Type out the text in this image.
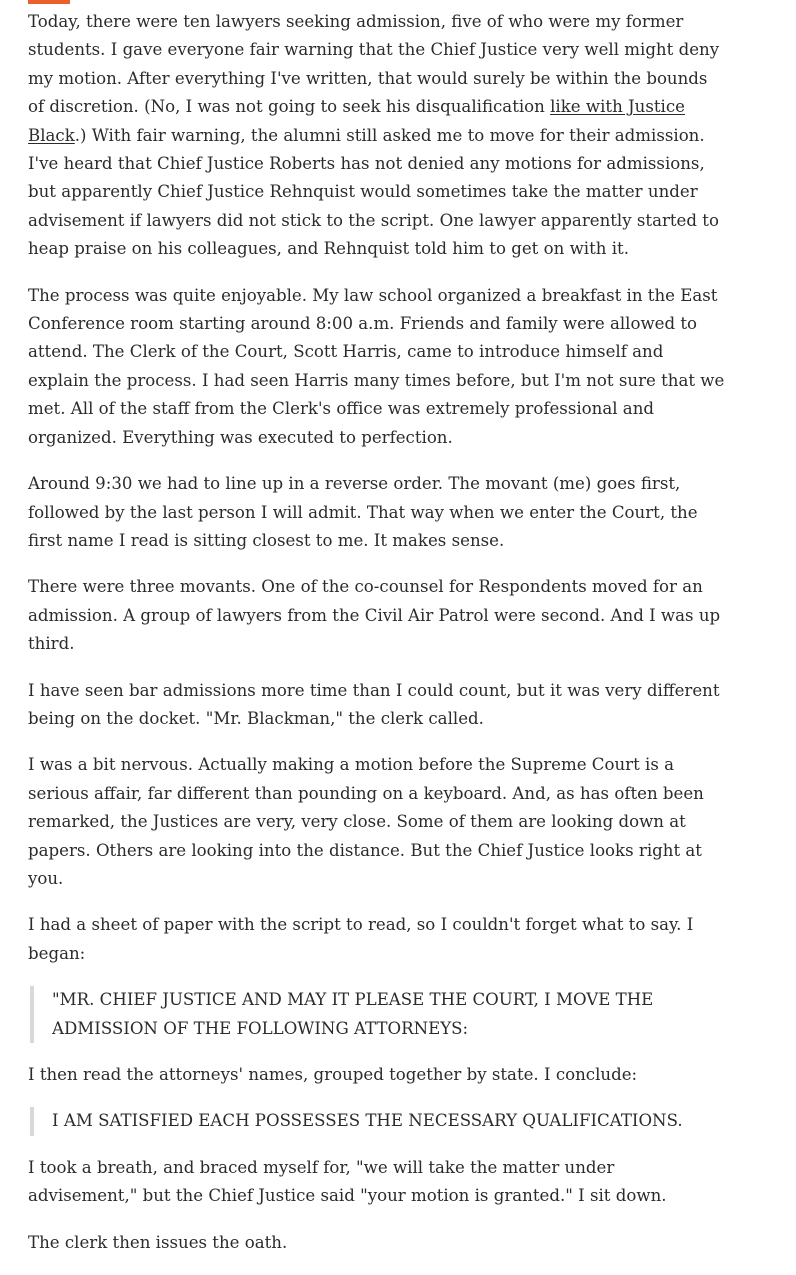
Today, there were ten lawyers seeking admission, five of who were my former students. I gave everyone fair warning that the Chief Justice very well might deny my motion. After everything I've written, that would surely be within the bounds of discretion. (No, I was not going to seek his disqualification like with Justice Black.) With fair warning, the alumni still asked me to move for their admission. I've heard that Chief Justice Roberts has not denied any motions for admissions, but apparently Chief Justice Rehnquist would sometimes take the matter under advisement if lawyers did not stick to the script. One lawyer apparently started to heap praise on his colleagues, and Rehnquist told him to get on with it.

The process was quite enjoyable. My law school organized a breakfast in the East Conference room starting around 8:00 a.m. Friends and family were allowed to attend. The Clerk of the Court, Scott Harris, came to introduce himself and explain the process. I had seen Harris many times before, but I'm not sure that we met. All of the staff from the Clerk's office was extremely professional and organized. Everything was executed to perfection.

Around 9:30 we had to line up in a reverse order. The movant (me) goes first, followed by the last person I will admit. That way when we enter the Court, the first name I read is sitting closest to me. It makes sense.

There were three movants. One of the co-counsel for Respondents moved for an admission. A group of lawyers from the Civil Air Patrol were second. And I was up third.

I have seen bar admissions more time than I could count, but it was very different being on the docket. "Mr. Blackman," the clerk called.

I was a bit nervous. Actually making a motion before the Supreme Court is a serious affair, far different than pounding on a keyboard. And, as has often been remarked, the Justices are very, very close. Some of them are looking down at papers. Others are looking into the distance. But the Chief Justice looks right at you.

I had a sheet of paper with the script to read, so I couldn't forget what to say. I began:

"MR. CHIEF JUSTICE AND MAY IT PLEASE THE COURT, I MOVE THE ADMISSION OF THE FOLLOWING ATTORNEYS:

I then read the attorneys' names, grouped together by state. I conclude:

I AM SATISFIED EACH POSSESSES THE NECESSARY QUALIFICATIONS.

I took a breath, and braced myself for, "we will take the matter under advisement," but the Chief Justice said "your motion is granted." I sit down.

The clerk then issues the oath.
